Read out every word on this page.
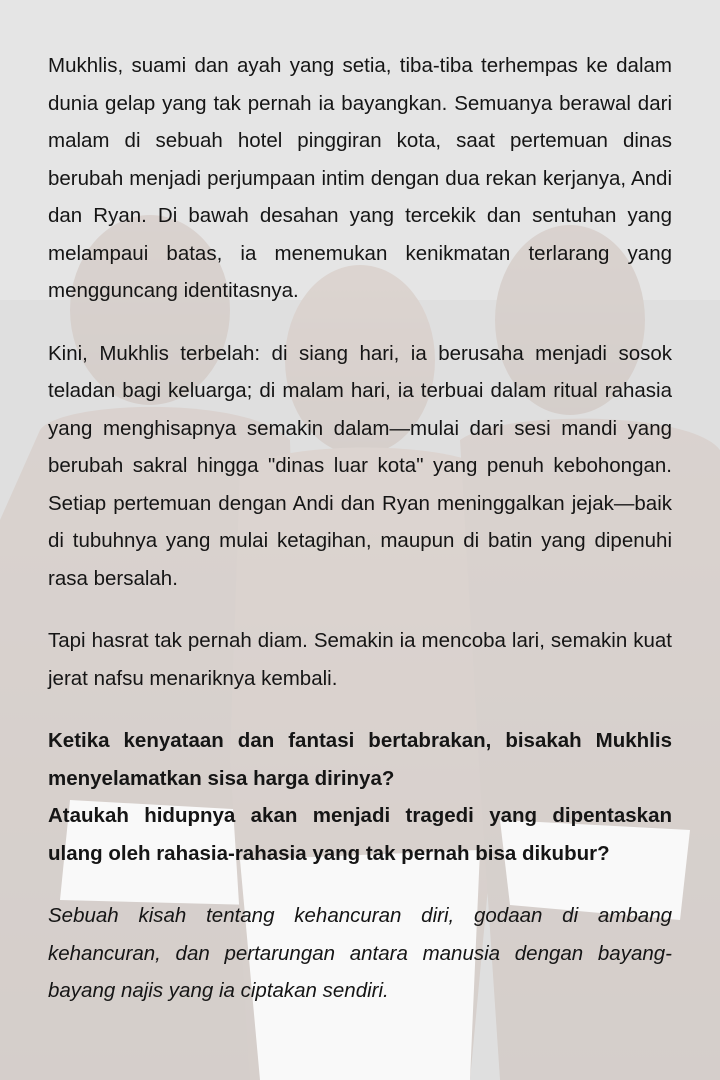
Mukhlis, suami dan ayah yang setia, tiba-tiba terhempas ke dalam dunia gelap yang tak pernah ia bayangkan. Semuanya berawal dari malam di sebuah hotel pinggiran kota, saat pertemuan dinas berubah menjadi perjumpaan intim dengan dua rekan kerjanya, Andi dan Ryan. Di bawah desahan yang tercekik dan sentuhan yang melampaui batas, ia menemukan kenikmatan terlarang yang mengguncang identitasnya.

Kini, Mukhlis terbelah: di siang hari, ia berusaha menjadi sosok teladan bagi keluarga; di malam hari, ia terbuai dalam ritual rahasia yang menghisapnya semakin dalam—mulai dari sesi mandi yang berubah sakral hingga "dinas luar kota" yang penuh kebohongan. Setiap pertemuan dengan Andi dan Ryan meninggalkan jejak—baik di tubuhnya yang mulai ketagihan, maupun di batin yang dipenuhi rasa bersalah.

Tapi hasrat tak pernah diam. Semakin ia mencoba lari, semakin kuat jerat nafsu menariknya kembali.

Ketika kenyataan dan fantasi bertabrakan, bisakah Mukhlis menyelamatkan sisa harga dirinya?

Ataukah hidupnya akan menjadi tragedi yang dipentaskan ulang oleh rahasia-rahasia yang tak pernah bisa dikubur?

Sebuah kisah tentang kehancuran diri, godaan di ambang kehancuran, dan pertarungan antara manusia dengan bayang-bayang najis yang ia ciptakan sendiri.
